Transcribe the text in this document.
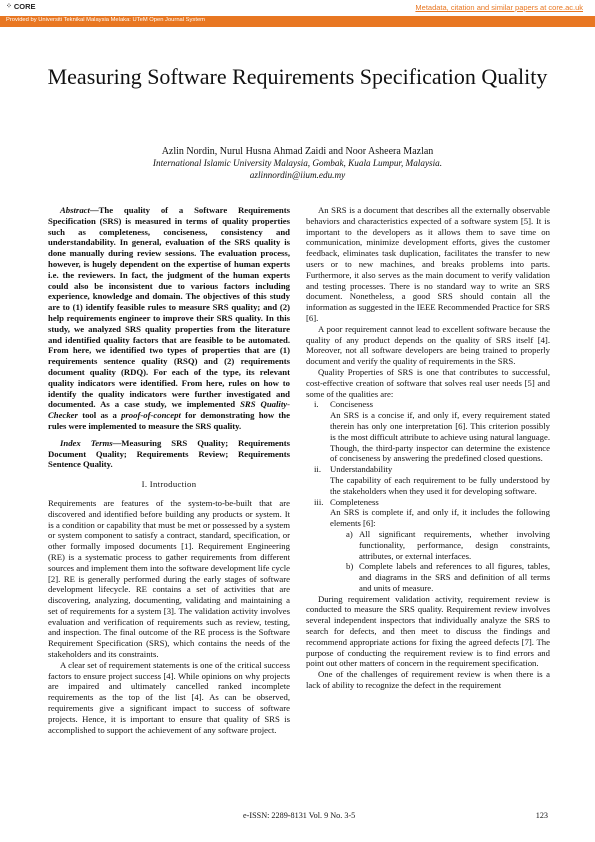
⁘ CORE	Metadata, citation and similar papers at core.ac.uk
Provided by Universiti Teknikal Malaysia Melaka: UTeM Open Journal System
Measuring Software Requirements Specification Quality
Azlin Nordin, Nurul Husna Ahmad Zaidi and Noor Asheera Mazlan
International Islamic University Malaysia, Gombak, Kuala Lumpur, Malaysia.
azlinnordin@iium.edu.my

Abstract—The quality of a Software Requirements Specification (SRS) is measured in terms of quality properties such as completeness, conciseness, consistency and understandability. In general, evaluation of the SRS quality is done manually during review sessions. The evaluation process, however, is hugely dependent on the expertise of human experts i.e. the reviewers. In fact, the judgment of the human experts could also be inconsistent due to various factors including experience, knowledge and domain. The objectives of this study are to (1) identify feasible rules to measure SRS quality; and (2) help requirements engineer to improve their SRS quality. In this study, we analyzed SRS quality properties from the literature and identified quality factors that are feasible to be automated. From here, we identified two types of properties that are (1) requirements sentence quality (RSQ) and (2) requirements document quality (RDQ). For each of the type, its relevant quality indicators were identified. From here, rules on how to identify the quality indicators were further investigated and documented. As a case study, we implemented SRS Quality-Checker tool as a proof-of-concept for demonstrating how the rules were implemented to measure the SRS quality.

Index Terms—Measuring SRS Quality; Requirements Document Quality; Requirements Review; Requirements Sentence Quality.

I. Introduction

Requirements are features of the system-to-be-built that are discovered and identified before building any products or system. It is a condition or capability that must be met or possessed by a system or system component to satisfy a contract, standard, specification, or other formally imposed documents [1]. Requirement Engineering (RE) is a systematic process to gather requirements from different sources and implement them into the software development life cycle [2]. RE is generally performed during the early stages of software development lifecycle. RE contains a set of activities that are discovering, analyzing, documenting, validating and maintaining a set of requirements for a system [3]. The validation activity involves evaluation and verification of requirements such as review, testing, and inspection. The final outcome of the RE process is the Software Requirement Specification (SRS), which contains the needs of the stakeholders and its constraints.

A clear set of requirement statements is one of the critical success factors to ensure project success [4]. While opinions on why projects are impaired and ultimately cancelled ranked incomplete requirements as the top of the list [4]. As can be observed, requirements give a significant impact to success of software projects. Hence, it is important to ensure that quality of SRS is accomplished to support the achievement of any software project.

An SRS is a document that describes all the externally observable behaviors and characteristics expected of a software system [5]. It is important to the developers as it allows them to save time on communication, minimize development efforts, gives the customer feedback, eliminates task duplication, facilitates the transfer to new users or to new machines, and breaks problems into parts. Furthermore, it also serves as the main document to verify validation and testing processes. There is no standard way to write an SRS document. Nonetheless, a good SRS should contain all the information as suggested in the IEEE Recommended Practice for SRS [6].

A poor requirement cannot lead to excellent software because the quality of any product depends on the quality of SRS itself [4]. Moreover, not all software developers are being trained to properly document and verify the quality of requirements in the SRS.

Quality Properties of SRS is one that contributes to successful, cost-effective creation of software that solves real user needs [5] and some of the qualities are:

i.	Conciseness
An SRS is a concise if, and only if, every requirement stated therein has only one interpretation [6]. This criterion possibly is the most difficult attribute to achieve using natural language. Though, the third-party inspector can determine the existence of conciseness by answering the predefined closed questions.
ii.	Understandability
The capability of each requirement to be fully understood by the stakeholders when they used it for developing software.
iii. Completeness
An SRS is complete if, and only if, it includes the following elements [6]:
a) All significant requirements, whether involving functionality, performance, design constraints, attributes, or external interfaces.
b) Complete labels and references to all figures, tables, and diagrams in the SRS and definition of all terms and units of measure.

During requirement validation activity, requirement review is conducted to measure the SRS quality. Requirement review involves several independent inspectors that individually analyze the SRS to search for defects, and then meet to discuss the findings and recommend appropriate actions for fixing the agreed defects [7]. The purpose of conducting the requirement review is to find errors and point out other matters of concern in the requirement specification.

One of the challenges of requirement review is when there is a lack of ability to recognize the defect in the requirement

e-ISSN: 2289-8131 Vol. 9 No. 3-5	123
